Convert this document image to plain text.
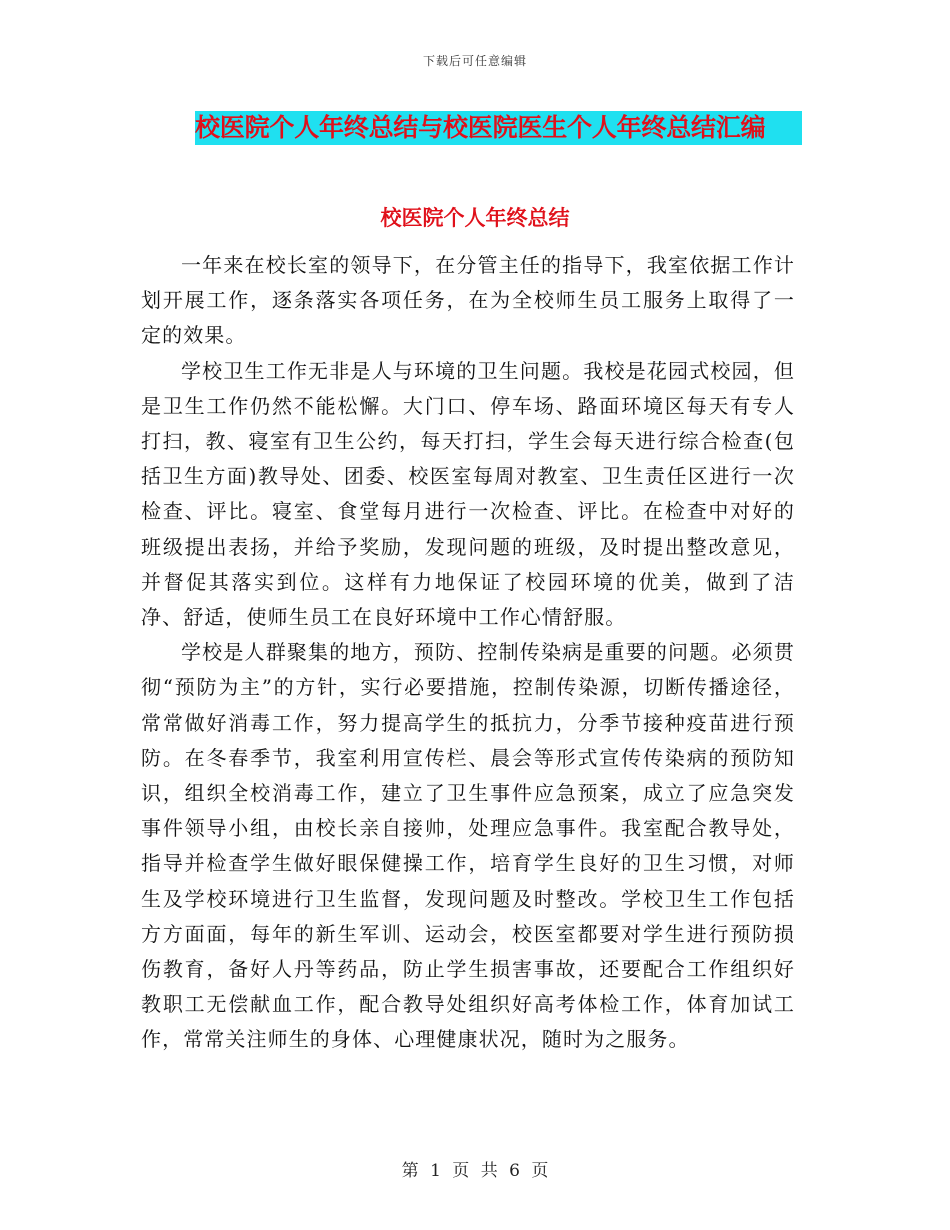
下载后可任意编辑
校医院个人年终总结与校医院医生个人年终总结汇编
校医院个人年终总结

一年来在校长室的领导下，在分管主任的指导下，我室依据工作计划开展工作，逐条落实各项任务，在为全校师生员工服务上取得了一定的效果。

学校卫生工作无非是人与环境的卫生问题。我校是花园式校园，但是卫生工作仍然不能松懈。大门口、停车场、路面环境区每天有专人打扫，教、寝室有卫生公约，每天打扫，学生会每天进行综合检查(包括卫生方面)教导处、团委、校医室每周对教室、卫生责任区进行一次检查、评比。寝室、食堂每月进行一次检查、评比。在检查中对好的班级提出表扬，并给予奖励，发现问题的班级，及时提出整改意见，并督促其落实到位。这样有力地保证了校园环境的优美，做到了洁净、舒适，使师生员工在良好环境中工作心情舒服。

学校是人群聚集的地方，预防、控制传染病是重要的问题。必须贯彻“预防为主”的方针，实行必要措施，控制传染源，切断传播途径，常常做好消毒工作，努力提高学生的抵抗力，分季节接种疫苗进行预防。在冬春季节，我室利用宣传栏、晨会等形式宣传传染病的预防知识，组织全校消毒工作，建立了卫生事件应急预案，成立了应急突发事件领导小组，由校长亲自接帅，处理应急事件。我室配合教导处，指导并检查学生做好眼保健操工作，培育学生良好的卫生习惯，对师生及学校环境进行卫生监督，发现问题及时整改。学校卫生工作包括方方面面，每年的新生军训、运动会，校医室都要对学生进行预防损伤教育，备好人丹等药品，防止学生损害事故，还要配合工作组织好教职工无偿献血工作，配合教导处组织好高考体检工作，体育加试工作，常常关注师生的身体、心理健康状况，随时为之服务。

第 1 页 共 6 页
